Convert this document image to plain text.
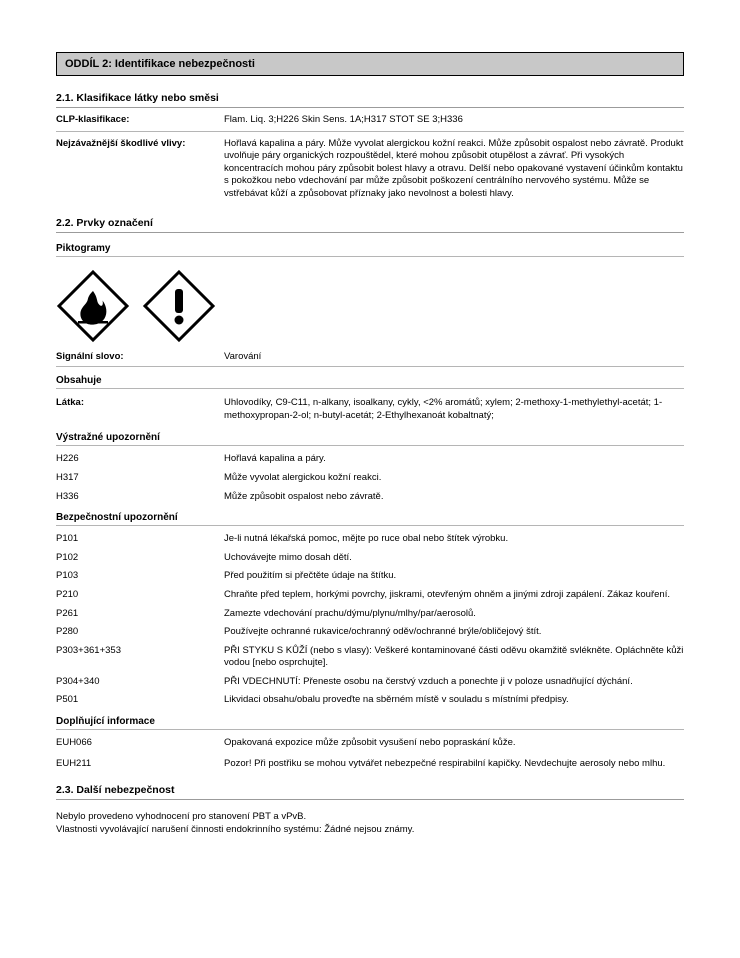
ODDÍL 2: Identifikace nebezpečnosti
2.1. Klasifikace látky nebo směsi
CLP-klasifikace:	Flam. Liq. 3;H226 Skin Sens. 1A;H317 STOT SE 3;H336
Nejzávažnější škodlivé vlivy:	Hořlavá kapalina a páry. Může vyvolat alergickou kožní reakci. Může způsobit ospalost nebo závratě. Produkt uvolňuje páry organických rozpouštědel, které mohou způsobit otupělost a závrať. Při vysokých koncentracích mohou páry způsobit bolest hlavy a otravu. Delší nebo opakované vystavení účinkům kontaktu s pokožkou nebo vdechování par může způsobit poškození centrálního nervového systému. Může se vstřebávat kůží a způsobovat příznaky jako nevolnost a bolesti hlavy.
2.2. Prvky označení
Piktogramy
Signální slovo:	Varování
Obsahuje
Látka:	Uhlovodíky, C9-C11, n-alkany, isoalkany, cykly, <2% aromátů; xylem; 2-methoxy-1-methylethyl-acetát; 1-methoxypropan-2-ol; n-butyl-acetát; 2-Ethylhexanoát kobaltnatý;
Výstražné upozornění
H226	Hořlavá kapalina a páry.
H317	Může vyvolat alergickou kožní reakci.
H336	Může způsobit ospalost nebo závratě.
Bezpečnostní upozornění
P101	Je-li nutná lékařská pomoc, mějte po ruce obal nebo štítek výrobku.
P102	Uchovávejte mimo dosah dětí.
P103	Před použitím si přečtěte údaje na štítku.
P210	Chraňte před teplem, horkými povrchy, jiskrami, otevřeným ohněm a jinými zdroji zapálení. Zákaz kouření.
P261	Zamezte vdechování prachu/dýmu/plynu/mlhy/par/aerosolů.
P280	Používejte ochranné rukavice/ochranný oděv/ochranné brýle/obličejový štít.
P303+361+353	PŘI STYKU S KŮŽÍ (nebo s vlasy): Veškeré kontaminované části oděvu okamžitě svlékněte. Opláchněte kůži vodou [nebo osprchujte].
P304+340	PŘI VDECHNUTÍ: Přeneste osobu na čerstvý vzduch a ponechte ji v poloze usnadňující dýchání.
P501	Likvidaci obsahu/obalu proveďte na sběrném místě v souladu s místními předpisy.
Doplňující informace
EUH066	Opakovaná expozice může způsobit vysušení nebo popraskání kůže.
EUH211	Pozor! Při postřiku se mohou vytvářet nebezpečné respirabilní kapičky. Nevdechujte aerosoly nebo mlhu.
2.3. Další nebezpečnost
Nebylo provedeno vyhodnocení pro stanovení PBT a vPvB.
Vlastnosti vyvolávající narušení činnosti endokrinního systému: Žádné nejsou známy.
